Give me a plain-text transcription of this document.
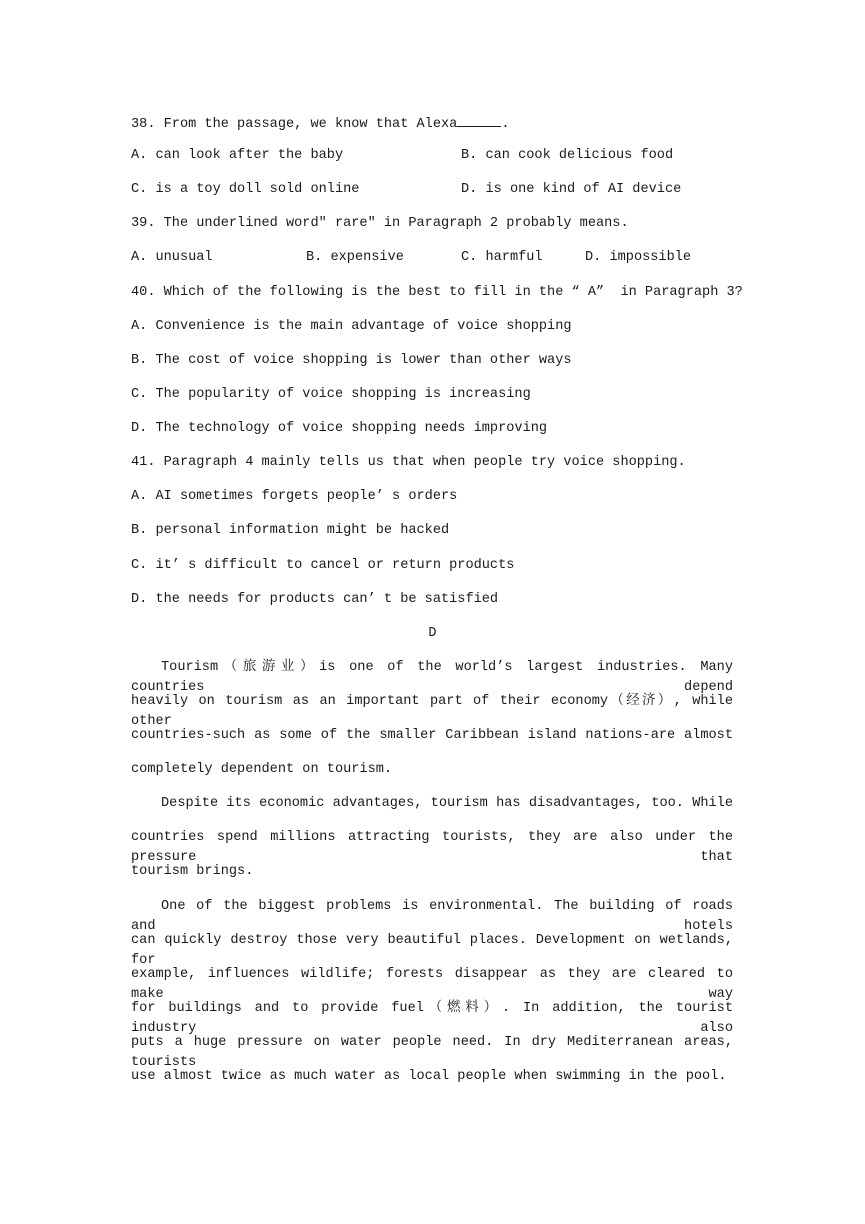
38. From the passage, we know that Alexa	.
A. can look after the baby	B. can cook delicious food
C. is a toy doll sold online	D. is one kind of AI device
39. The underlined word″ rare″ in Paragraph 2 probably means.
A. unusual	B. expensive	C. harmful	D. impossible
40. Which of the following is the best to fill in the “ A”  in Paragraph 3?
A. Convenience is the main advantage of voice shopping
B. The cost of voice shopping is lower than other ways
C. The popularity of voice shopping is increasing
D. The technology of voice shopping needs improving
41. Paragraph 4 mainly tells us that when people try voice shopping.
A. AI sometimes forgets people’ s orders
B. personal information might be hacked
C. it’ s difficult to cancel or return products
D. the needs for products can’ t be satisfied
D
Tourism（旅游业）is one of the world’s largest industries. Many countries depend
heavily on tourism as an important part of their economy（经济）, while other
countries-such as some of the smaller Caribbean island nations-are almost
completely dependent on tourism.
Despite its economic advantages, tourism has disadvantages, too. While
countries spend millions attracting tourists, they are also under the pressure that
tourism brings.
One of the biggest problems is environmental. The building of roads and hotels
can quickly destroy those very beautiful places. Development on wetlands, for
example, influences wildlife; forests disappear as they are cleared to make way
for buildings and to provide fuel（燃料）. In addition, the tourist industry also
puts a huge pressure on water people need. In dry Mediterranean areas, tourists
use almost twice as much water as local people when swimming in the pool.
